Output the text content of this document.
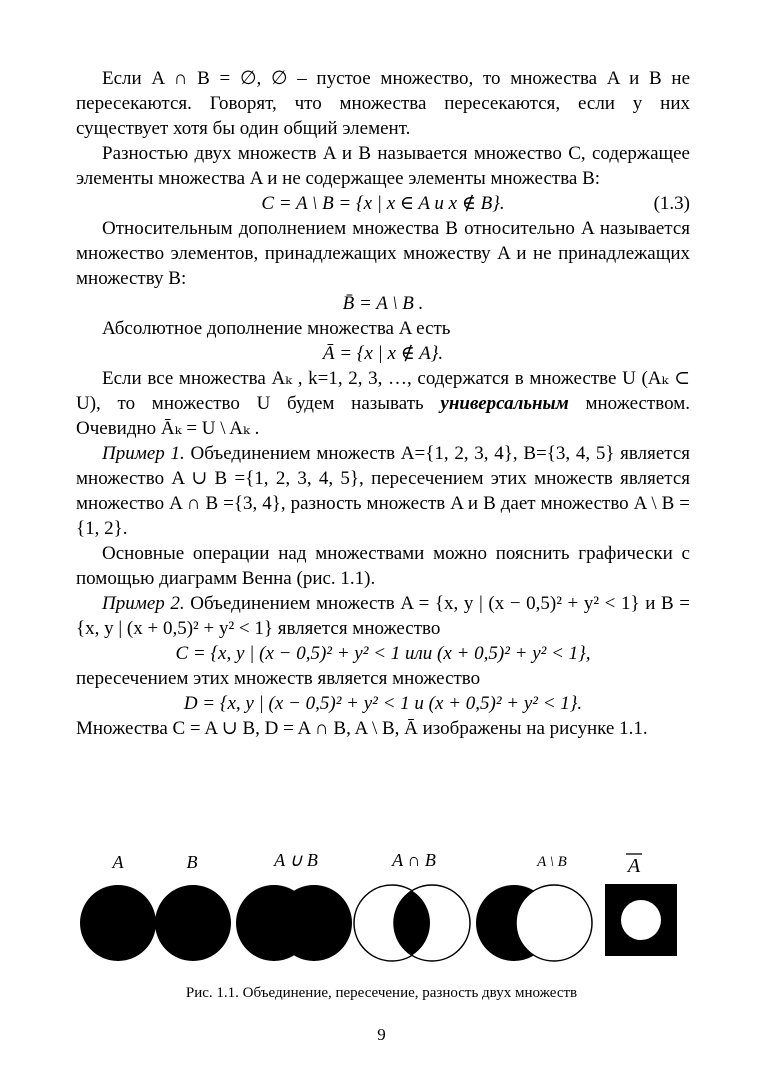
Если A ∩ B = ∅, ∅ – пустое множество, то множества A и B не пересекаются. Говорят, что множества пересекаются, если у них существует хотя бы один общий элемент.

Разностью двух множеств A и B называется множество C, содержащее элементы множества A и не содержащее элементы множества B:

C = A \ B = {x | x ∈ A и x ∉ B}.	(1.3)

Относительным дополнением множества B относительно A называется множество элементов, принадлежащих множеству A и не принадлежащих множеству B:

B̄ = A \ B .

Абсолютное дополнение множества A есть

Ā = {x | x ∉ A}.

Если все множества Aₖ , k=1, 2, 3, …, содержатся в множестве U (Aₖ ⊂ U), то множество U будем называть универсальным множеством. Очевидно Āₖ = U \ Aₖ .

Пример 1. Объединением множеств A={1, 2, 3, 4}, B={3, 4, 5} является множество A ∪ B ={1, 2, 3, 4, 5}, пересечением этих множеств является множество A ∩ B ={3, 4}, разность множеств A и B дает множество A \ B = {1, 2}.

Основные операции над множествами можно пояснить графически с помощью диаграмм Венна (рис. 1.1).

Пример 2. Объединением множеств A = {x, y | (x − 0,5)² + y² < 1} и B = {x, y | (x + 0,5)² + y² < 1} является множество

C = {x, y | (x − 0,5)² + y² < 1 или (x + 0,5)² + y² < 1},

пересечением этих множеств является множество

D = {x, y | (x − 0,5)² + y² < 1 и (x + 0,5)² + y² < 1}.

Множества C = A ∪ B, D = A ∩ B, A \ B, Ā изображены на рисунке 1.1.

A	B	A ∪ B	A ∩ B	A \ B	A
Рис. 1.1. Объединение, пересечение, разность двух множеств
9
